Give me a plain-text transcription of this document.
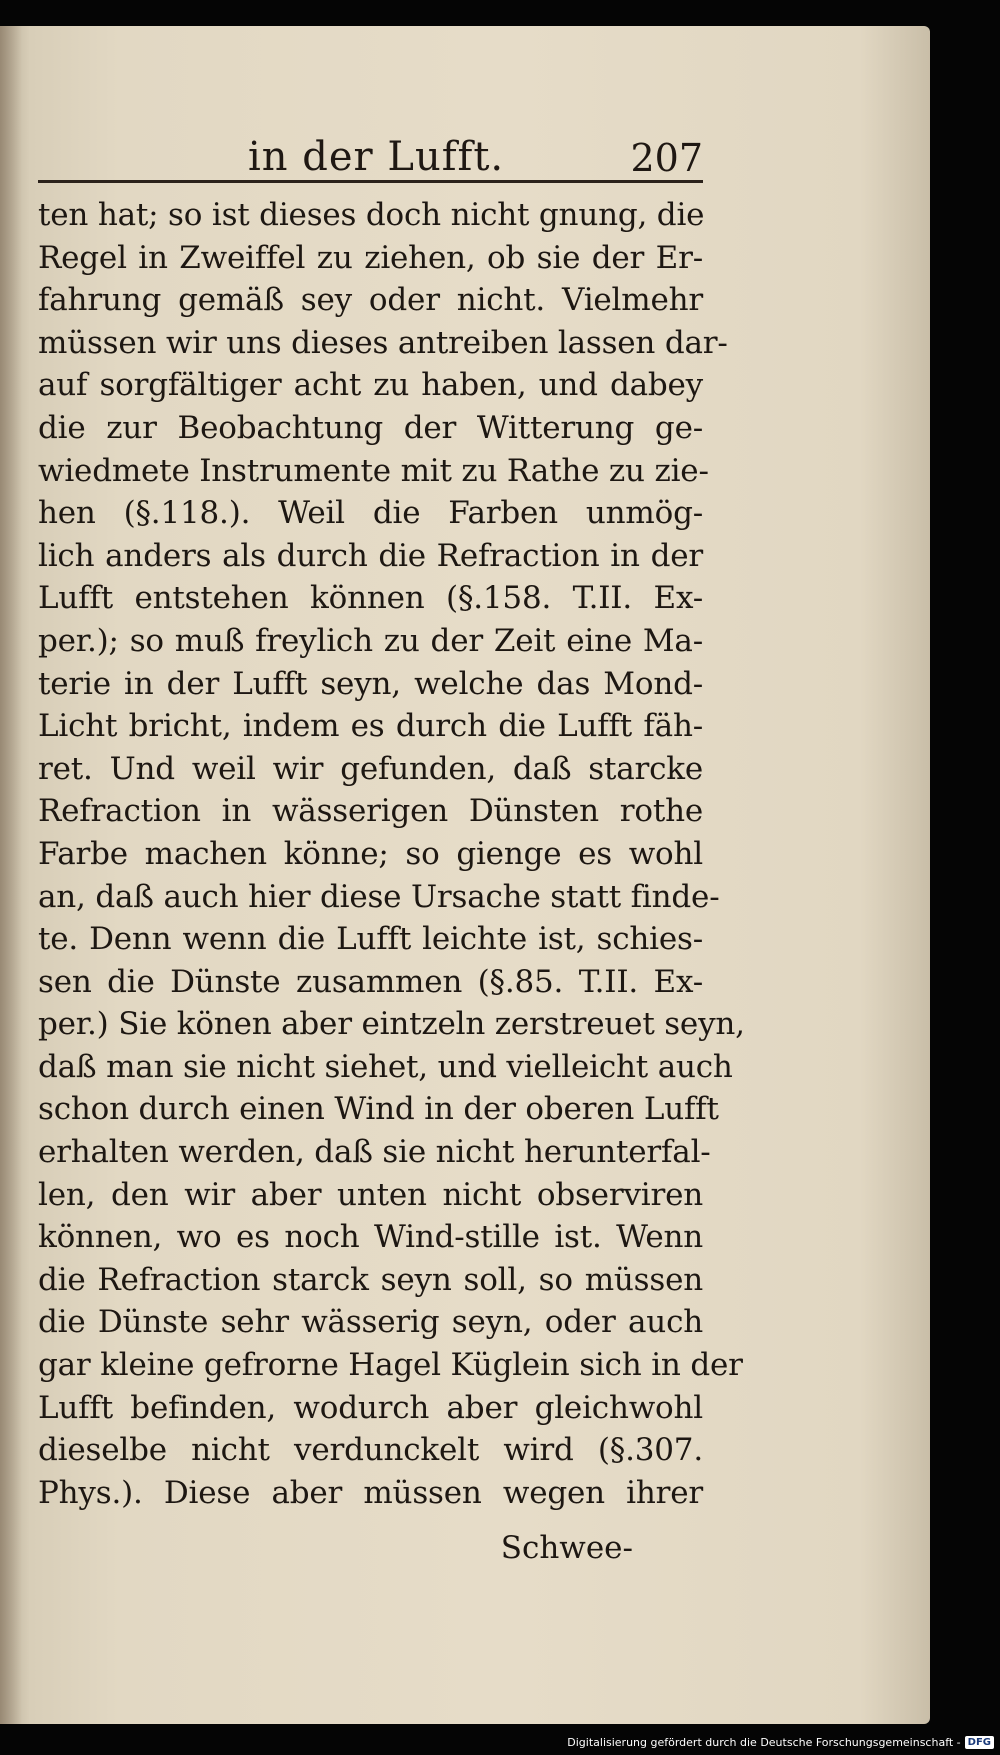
in der Lufft.	207
ten hat; so ist dieses doch nicht gnung, die
Regel in Zweiffel zu ziehen, ob sie der Er-
fahrung gemäß sey oder nicht. Vielmehr
müssen wir uns dieses antreiben lassen dar-
auf sorgfältiger acht zu haben, und dabey
die zur Beobachtung der Witterung ge-
wiedmete Instrumente mit zu Rathe zu zie-
hen (§.118.). Weil die Farben unmög-
lich anders als durch die Refraction in der
Lufft entstehen können (§.158. T.II. Ex-
per.); so muß freylich zu der Zeit eine Ma-
terie in der Lufft seyn, welche das Mond-
Licht bricht, indem es durch die Lufft fäh-
ret. Und weil wir gefunden, daß starcke
Refraction in wässerigen Dünsten rothe
Farbe machen könne; so gienge es wohl
an, daß auch hier diese Ursache statt finde-
te. Denn wenn die Lufft leichte ist, schies-
sen die Dünste zusammen (§.85. T.II. Ex-
per.) Sie könen aber eintzeln zerstreuet seyn,
daß man sie nicht siehet, und vielleicht auch
schon durch einen Wind in der oberen Lufft
erhalten werden, daß sie nicht herunterfal-
len, den wir aber unten nicht observiren
können, wo es noch Wind-stille ist. Wenn
die Refraction starck seyn soll, so müssen
die Dünste sehr wässerig seyn, oder auch
gar kleine gefrorne Hagel Küglein sich in der
Lufft befinden, wodurch aber gleichwohl
dieselbe nicht verdunckelt wird (§.307.
Phys.). Diese aber müssen wegen ihrer
Schwee-
Digitalisierung gefördert durch die Deutsche Forschungsgemeinschaft - DFG
